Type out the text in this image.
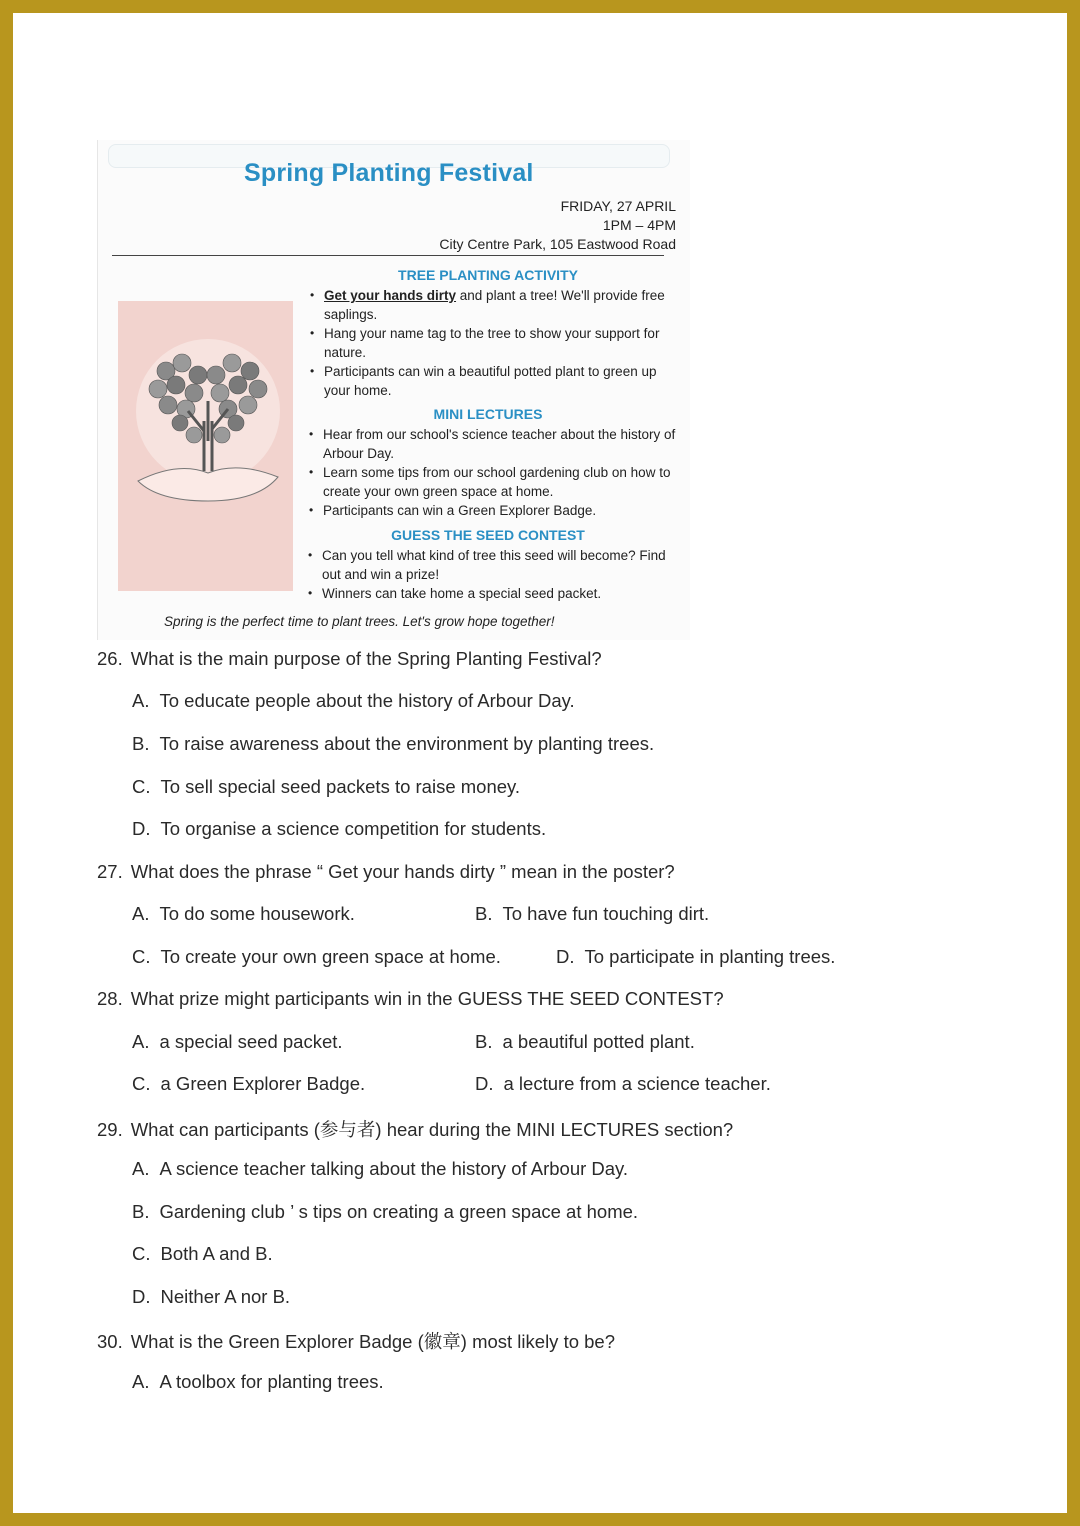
Spring Planting Festival
FRIDAY, 27 APRIL
1PM – 4PM
City Centre Park, 105 Eastwood Road
TREE PLANTING ACTIVITY
• Get your hands dirty and plant a tree! We'll provide free saplings.
• Hang your name tag to the tree to show your support for nature.
• Participants can win a beautiful potted plant to green up your home.
MINI LECTURES
• Hear from our school's science teacher about the history of Arbour Day.
• Learn some tips from our school gardening club on how to create your own green space at home.
• Participants can win a Green Explorer Badge.
GUESS THE SEED CONTEST
• Can you tell what kind of tree this seed will become? Find out and win a prize!
• Winners can take home a special seed packet.
Spring is the perfect time to plant trees. Let's grow hope together!
26. What is the main purpose of the Spring Planting Festival?
A. To educate people about the history of Arbour Day.
B. To raise awareness about the environment by planting trees.
C. To sell special seed packets to raise money.
D. To organise a science competition for students.
27. What does the phrase “ Get your hands dirty ” mean in the poster?
A. To do some housework.	B. To have fun touching dirt.
C. To create your own green space at home.	D. To participate in planting trees.
28. What prize might participants win in the GUESS THE SEED CONTEST?
A. a special seed packet.	B. a beautiful potted plant.
C. a Green Explorer Badge.	D. a lecture from a science teacher.
29. What can participants (参与者) hear during the MINI LECTURES section?
A. A science teacher talking about the history of Arbour Day.
B. Gardening club ’ s tips on creating a green space at home.
C. Both A and B.
D. Neither A nor B.
30. What is the Green Explorer Badge (徽章) most likely to be?
A. A toolbox for planting trees.
